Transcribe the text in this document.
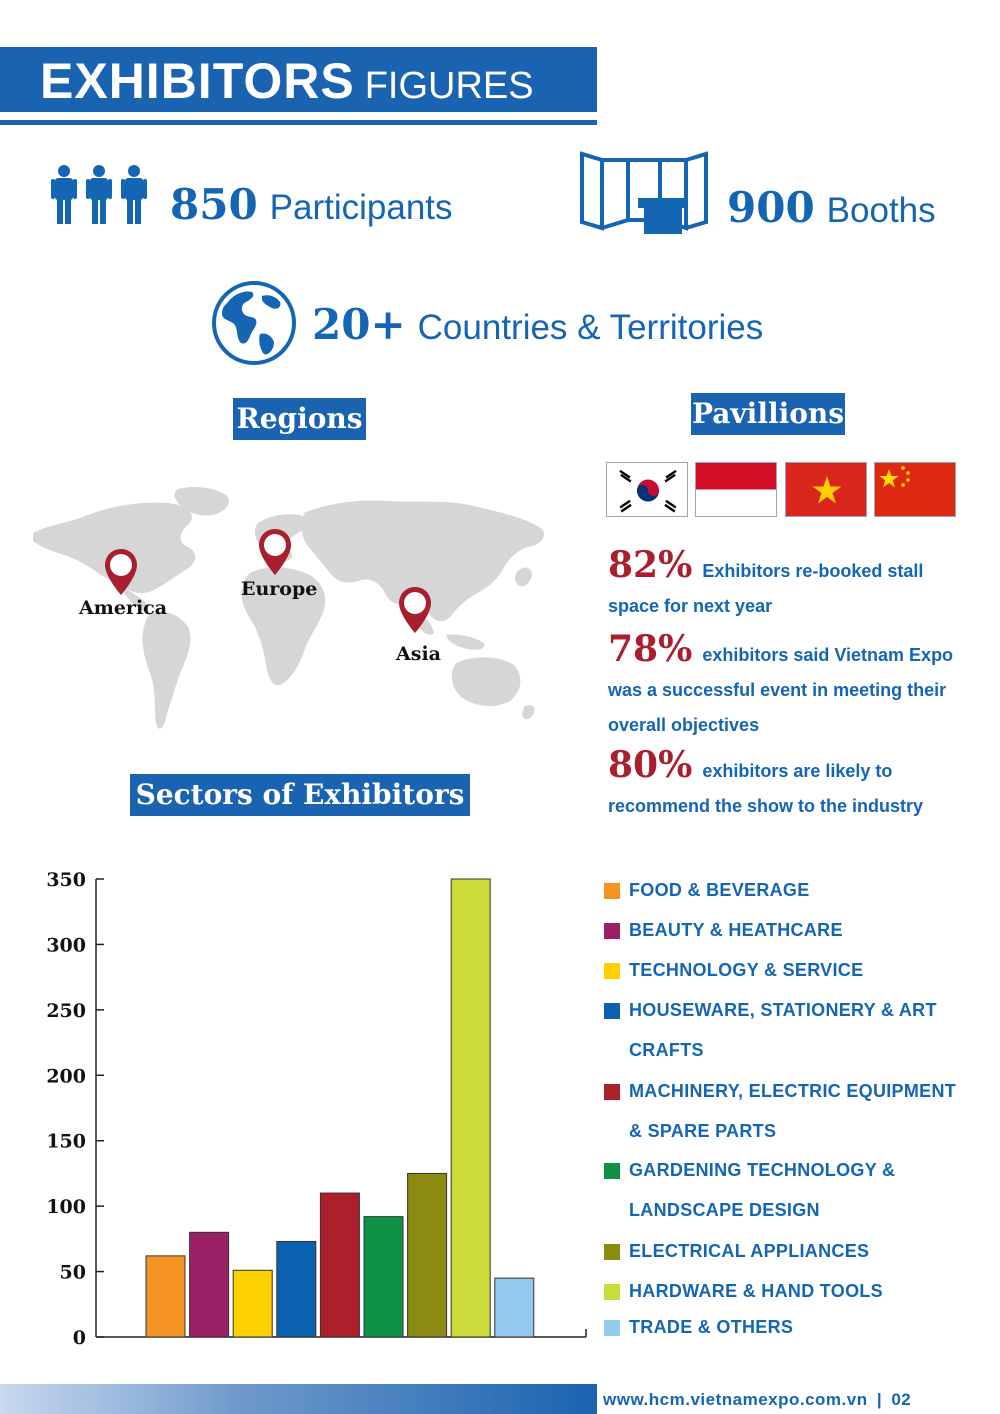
EXHIBITORS FIGURES
850 Participants	900 Booths
20+ Countries & Territories
Regions
America
Europe
Asia
Pavillions
82% Exhibitors re-booked stall
space for next year
78% exhibitors said Vietnam Expo
was a successful event in meeting their
overall objectives
80% exhibitors are likely to
recommend the show to the industry
Sectors of Exhibitors
0
50
100
150
200
250
300
350	FOOD & BEVERAGE
BEAUTY & HEATHCARE
TECHNOLOGY & SERVICE
HOUSEWARE, STATIONERY & ART
CRAFTS
MACHINERY, ELECTRIC EQUIPMENT
& SPARE PARTS
GARDENING TECHNOLOGY &
LANDSCAPE DESIGN
ELECTRICAL APPLIANCES
HARDWARE & HAND TOOLS
TRADE & OTHERS
www.hcm.vietnamexpo.com.vn | 02
